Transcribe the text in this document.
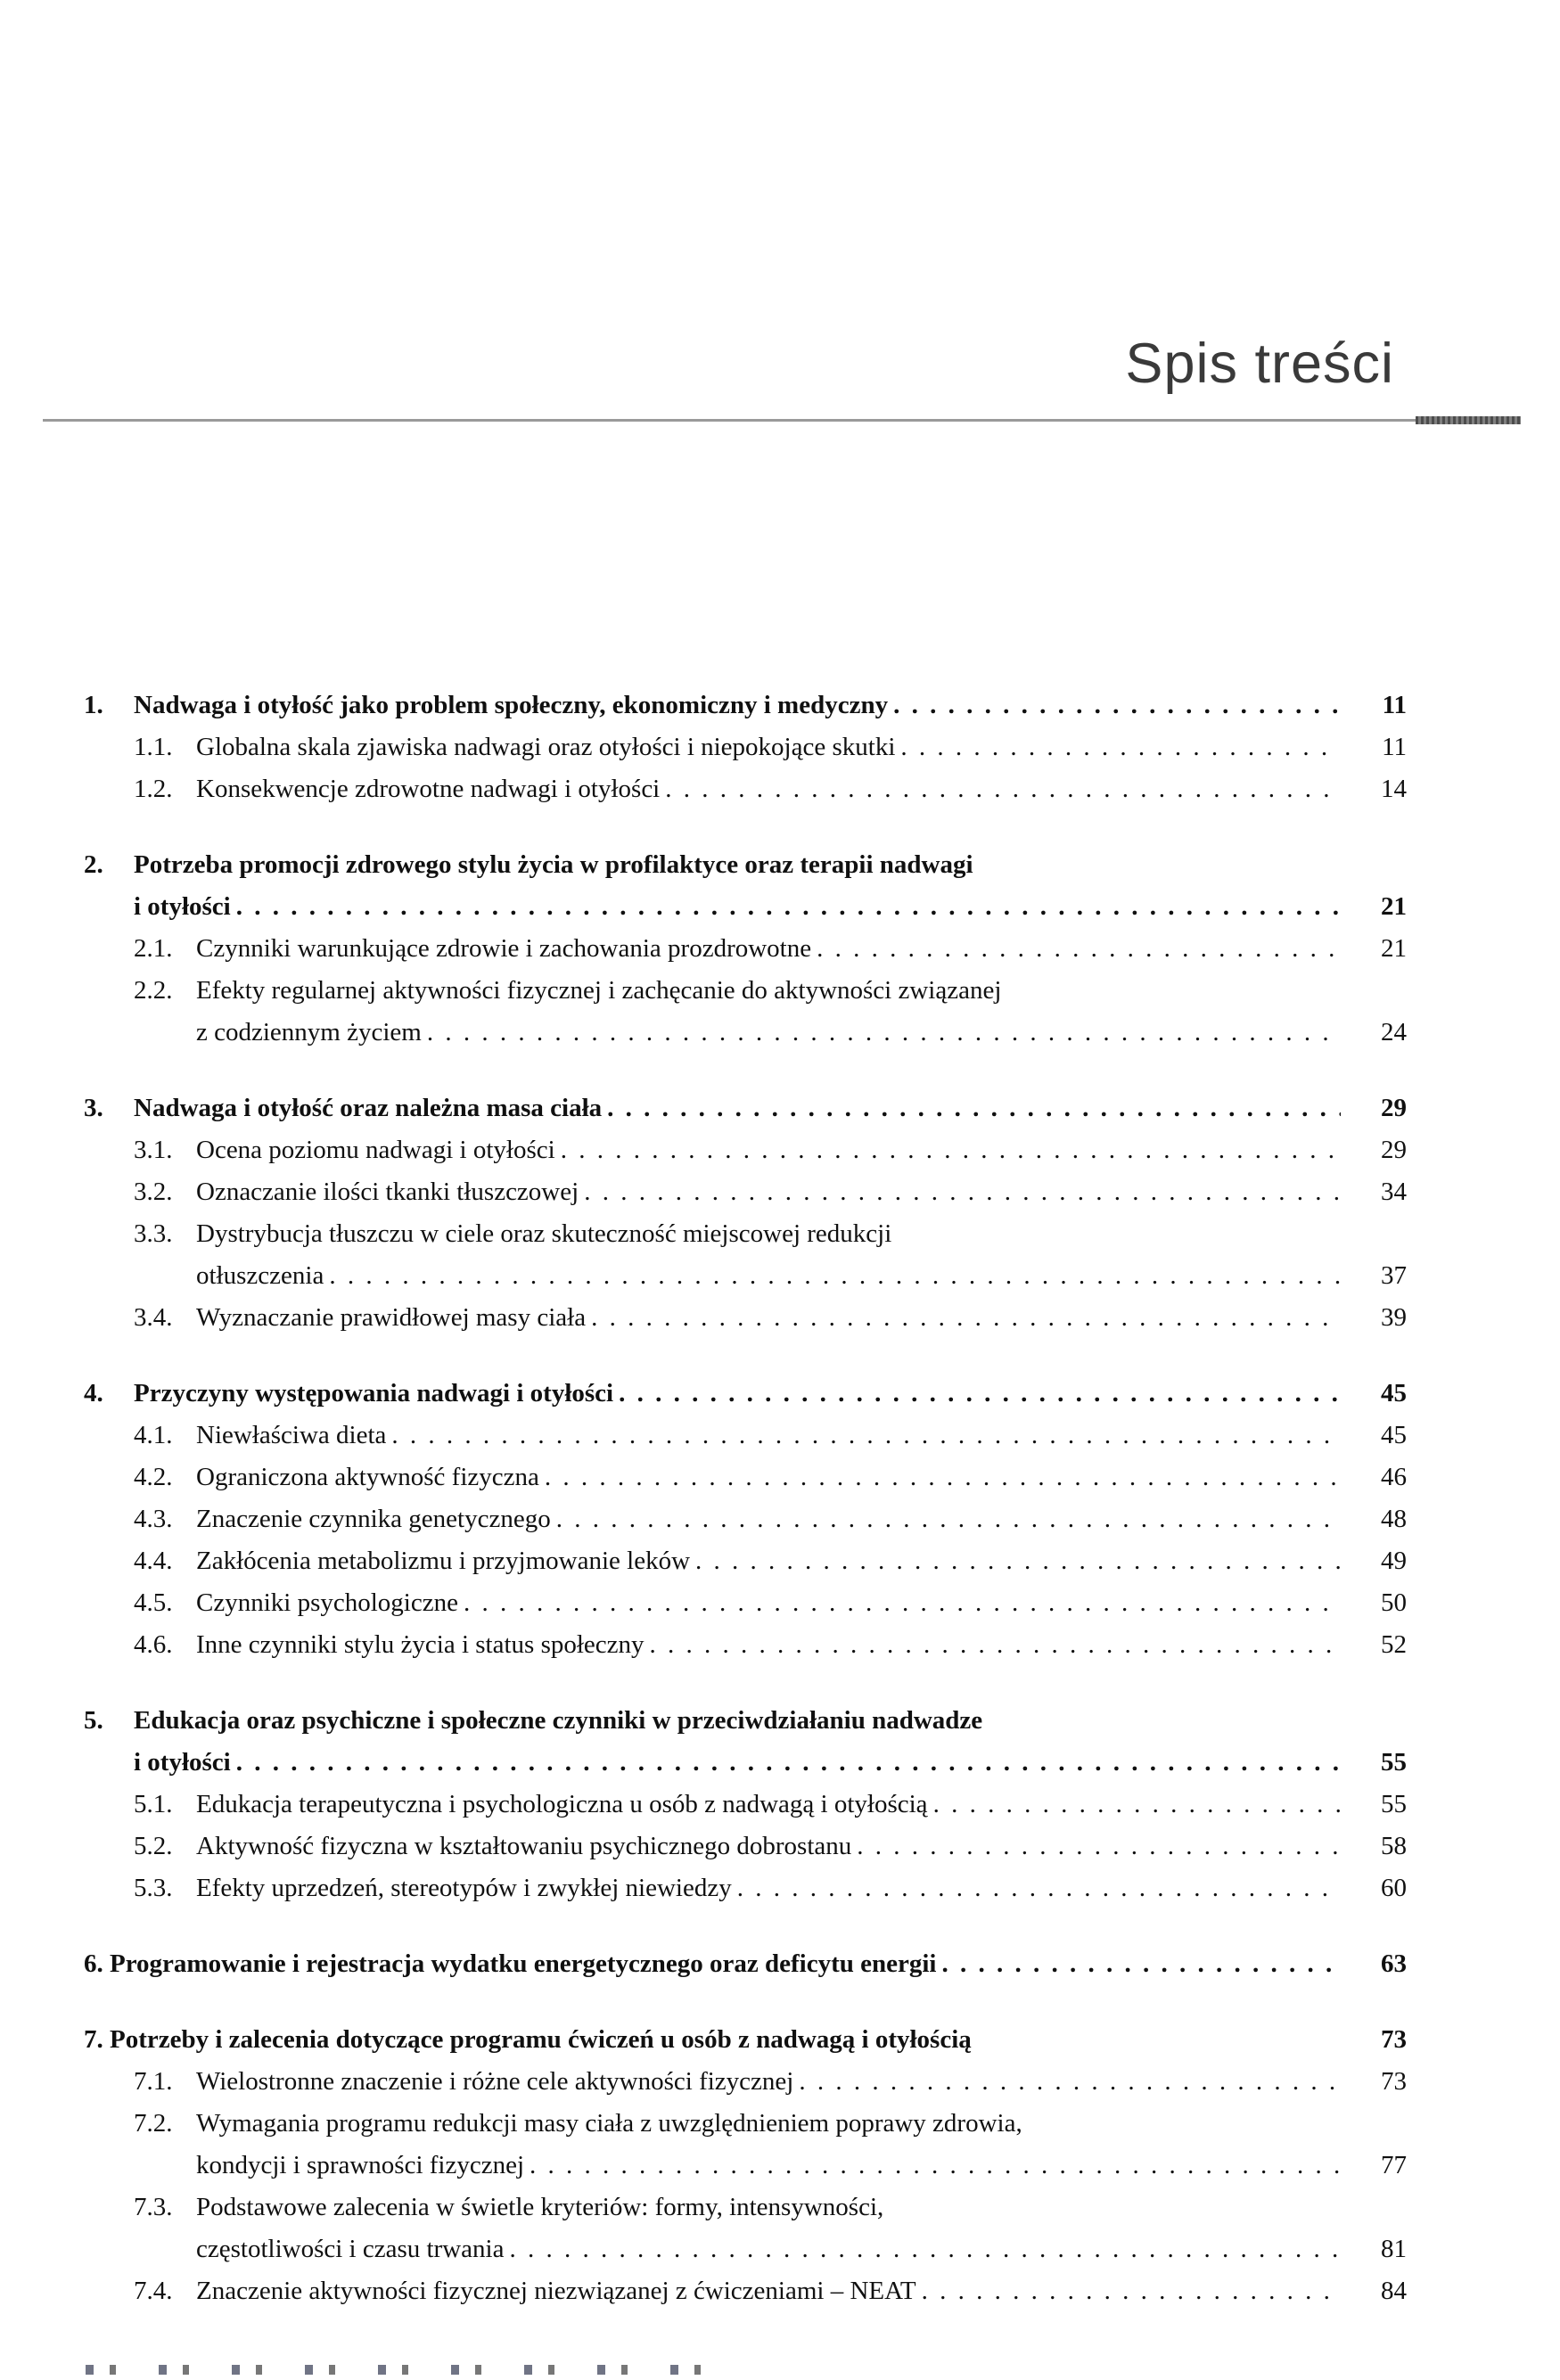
Spis treści
1.	Nadwaga i otyłość jako problem społeczny, ekonomiczny i medyczny . . .	11
1.1. Globalna skala zjawiska nadwagi oraz otyłości i niepokojące skutki . . .	11
1.2. Konsekwencje zdrowotne nadwagi i otyłości . . .	14
2.	Potrzeba promocji zdrowego stylu życia w profilaktyce oraz terapii nadwagi
i otyłości . . .	21
2.1. Czynniki warunkujące zdrowie i zachowania prozdrowotne . . .	21
2.2. Efekty regularnej aktywności fizycznej i zachęcanie do aktywności związanej
z codziennym życiem . . .	24
3.	Nadwaga i otyłość oraz należna masa ciała . . .	29
3.1. Ocena poziomu nadwagi i otyłości . . .	29
3.2. Oznaczanie ilości tkanki tłuszczowej . . .	34
3.3. Dystrybucja tłuszczu w ciele oraz skuteczność miejscowej redukcji
otłuszczenia . . .	37
3.4. Wyznaczanie prawidłowej masy ciała . . .	39
4.	Przyczyny występowania nadwagi i otyłości . . .	45
4.1. Niewłaściwa dieta . . .	45
4.2. Ograniczona aktywność fizyczna . . .	46
4.3. Znaczenie czynnika genetycznego . . .	48
4.4. Zakłócenia metabolizmu i przyjmowanie leków . . .	49
4.5. Czynniki psychologiczne . . .	50
4.6. Inne czynniki stylu życia i status społeczny . . .	52
5.	Edukacja oraz psychiczne i społeczne czynniki w przeciwdziałaniu nadwadze
i otyłości . . .	55
5.1. Edukacja terapeutyczna i psychologiczna u osób z nadwagą i otyłością . . .	55
5.2. Aktywność fizyczna w kształtowaniu psychicznego dobrostanu . . .	58
5.3. Efekty uprzedzeń, stereotypów i zwykłej niewiedzy . . .	60
6. Programowanie i rejestracja wydatku energetycznego oraz deficytu energii . . .	63
7. Potrzeby i zalecenia dotyczące programu ćwiczeń u osób z nadwagą i otyłością	73
7.1. Wielostronne znaczenie i różne cele aktywności fizycznej . . .	73
7.2. Wymagania programu redukcji masy ciała z uwzględnieniem poprawy zdrowia,
kondycji i sprawności fizycznej . . .	77
7.3. Podstawowe zalecenia w świetle kryteriów: formy, intensywności,
częstotliwości i czasu trwania . . .	81
7.4. Znaczenie aktywności fizycznej niezwiązanej z ćwiczeniami – NEAT . . .	84
